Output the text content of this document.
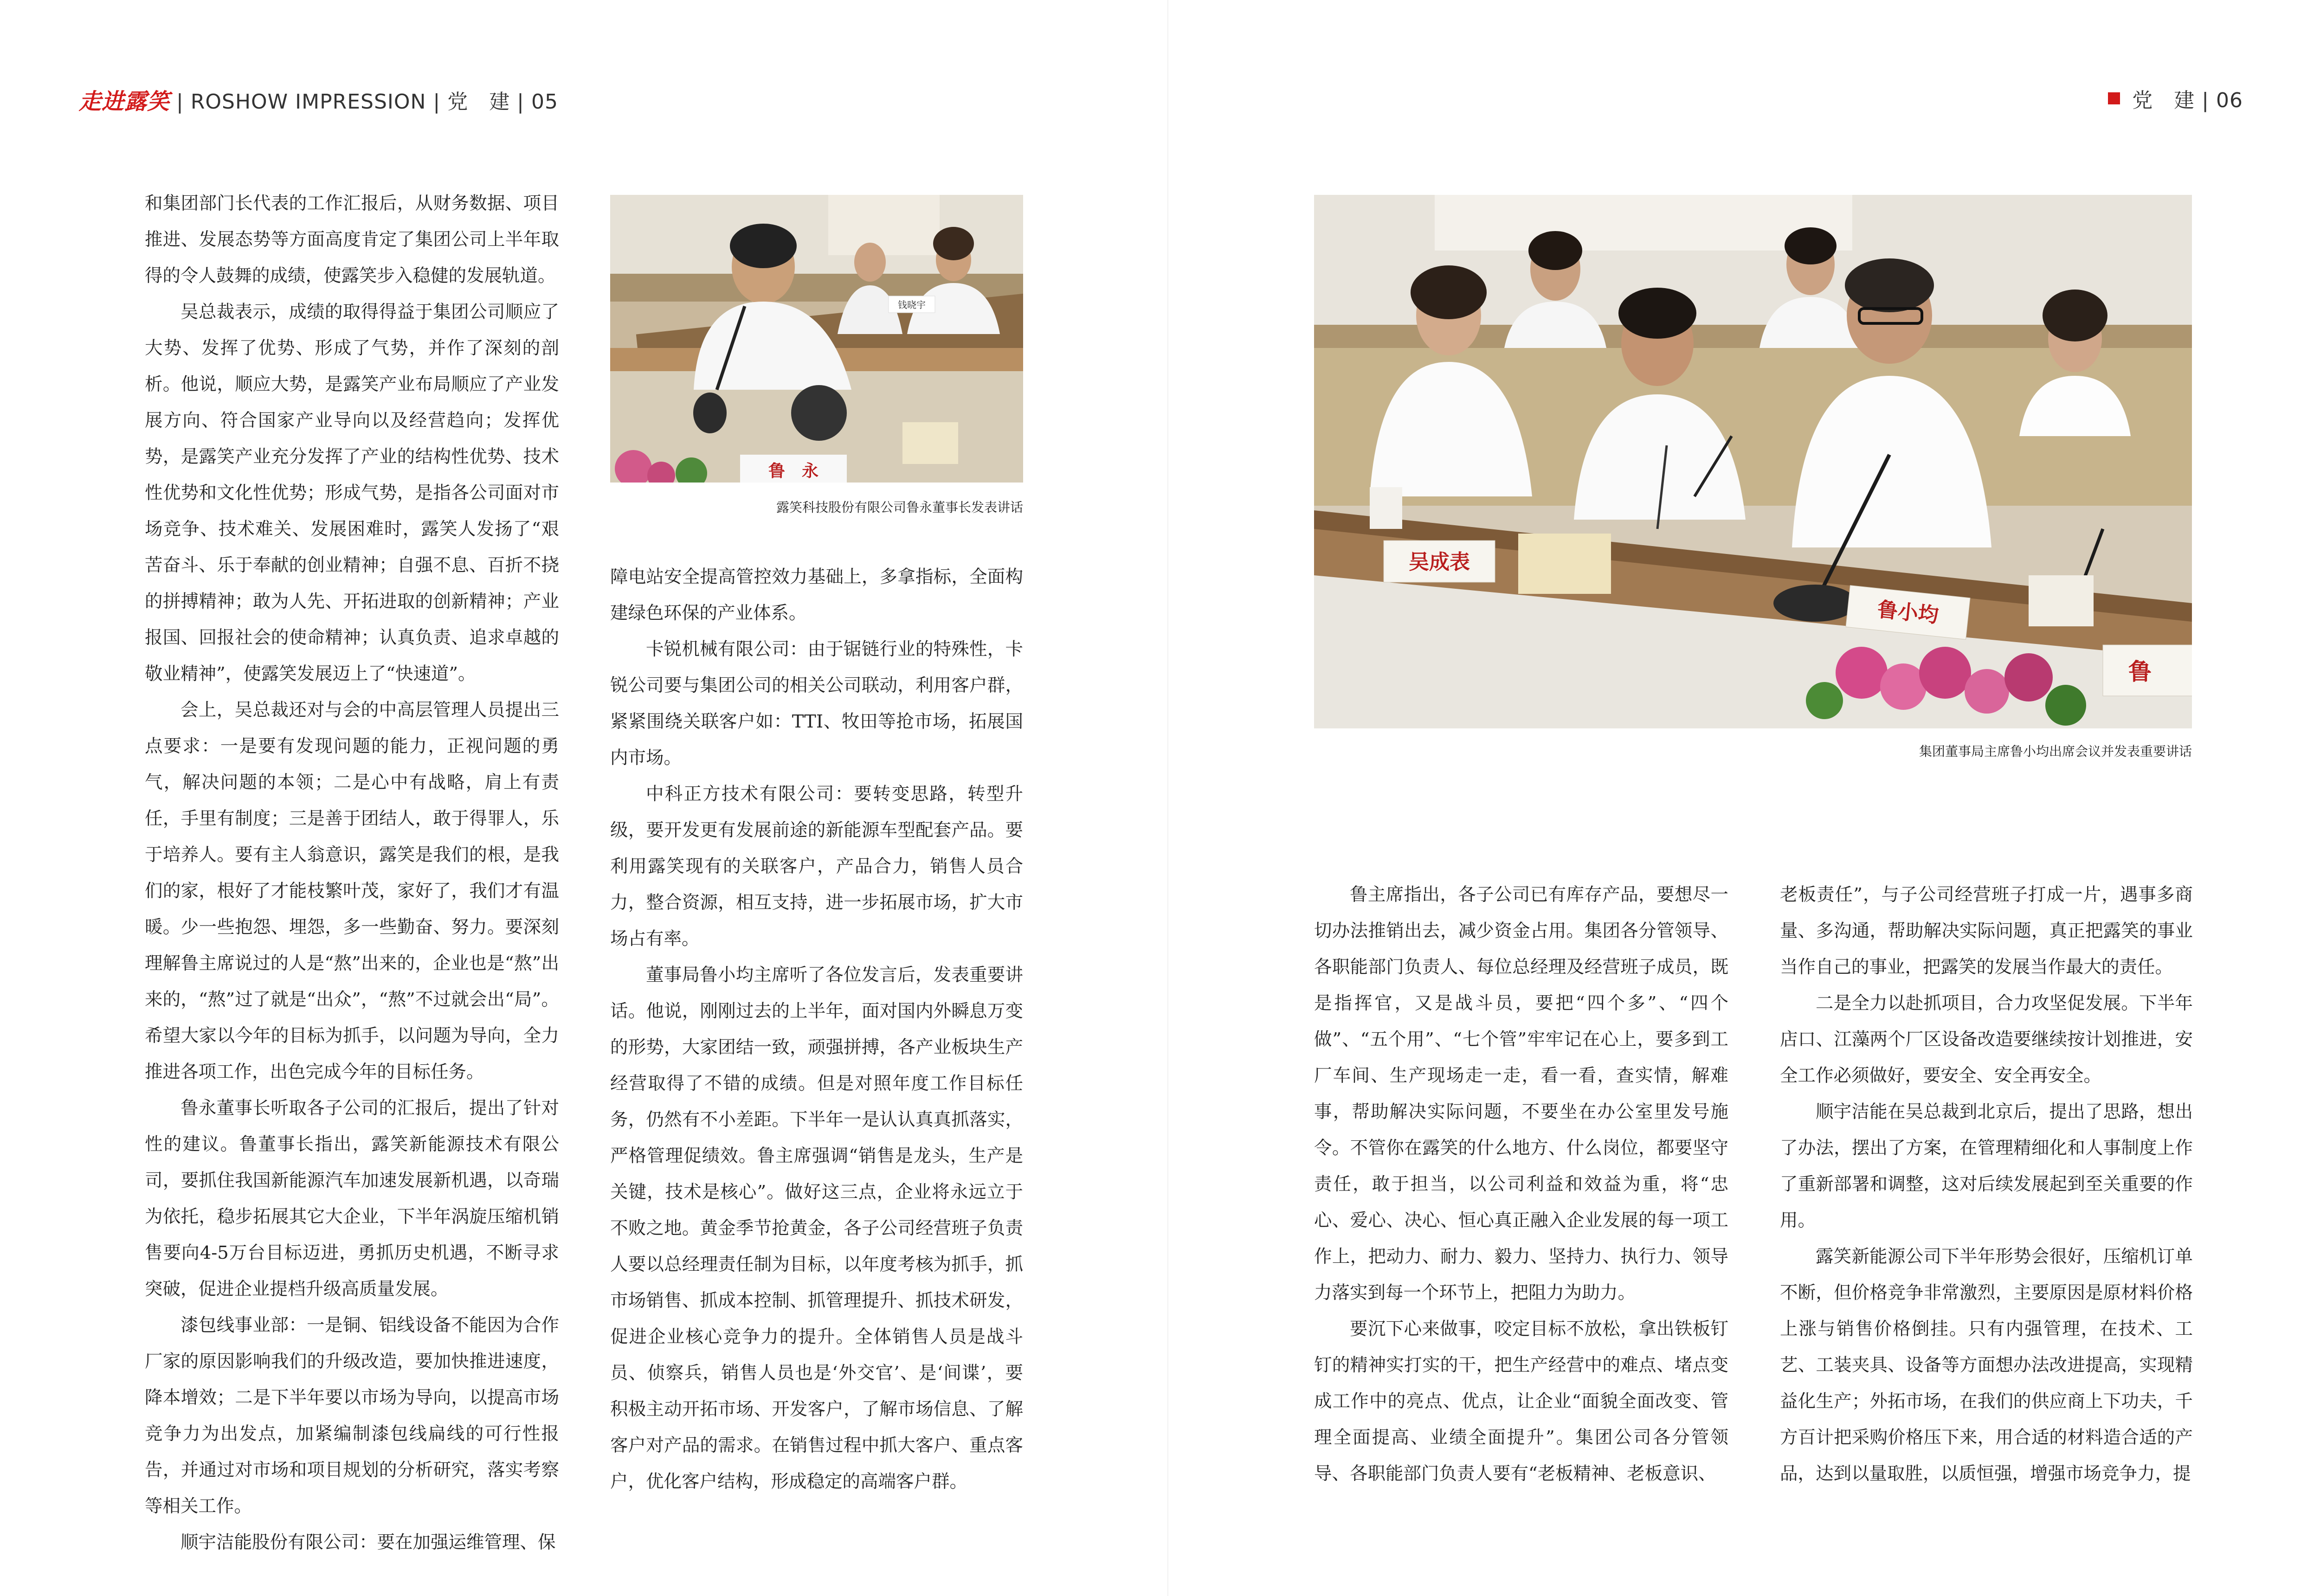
走进露笑 | ROSHOW IMPRESSION | 党　建 | 05	党　建 | 06

和集团部门长代表的工作汇报后，从财务数据、项目推进、发展态势等方面高度肯定了集团公司上半年取得的令人鼓舞的成绩，使露笑步入稳健的发展轨道。

吴总裁表示，成绩的取得得益于集团公司顺应了大势、发挥了优势、形成了气势，并作了深刻的剖析。他说，顺应大势，是露笑产业布局顺应了产业发展方向、符合国家产业导向以及经营趋向；发挥优势，是露笑产业充分发挥了产业的结构性优势、技术性优势和文化性优势；形成气势，是指各公司面对市场竞争、技术难关、发展困难时，露笑人发扬了“艰苦奋斗、乐于奉献的创业精神；自强不息、百折不挠的拼搏精神；敢为人先、开拓进取的创新精神；产业报国、回报社会的使命精神；认真负责、追求卓越的敬业精神”，使露笑发展迈上了“快速道”。

会上，吴总裁还对与会的中高层管理人员提出三点要求：一是要有发现问题的能力，正视问题的勇气，解决问题的本领；二是心中有战略，肩上有责任，手里有制度；三是善于团结人，敢于得罪人，乐于培养人。要有主人翁意识，露笑是我们的根，是我们的家，根好了才能枝繁叶茂，家好了，我们才有温暖。少一些抱怨、埋怨，多一些勤奋、努力。要深刻理解鲁主席说过的人是“熬”出来的，企业也是“熬”出来的，“熬”过了就是“出众”，“熬”不过就会出“局”。希望大家以今年的目标为抓手，以问题为导向，全力推进各项工作，出色完成今年的目标任务。

鲁永董事长听取各子公司的汇报后，提出了针对性的建议。鲁董事长指出，露笑新能源技术有限公司，要抓住我国新能源汽车加速发展新机遇，以奇瑞为依托，稳步拓展其它大企业，下半年涡旋压缩机销售要向4-5万台目标迈进，勇抓历史机遇，不断寻求突破，促进企业提档升级高质量发展。

漆包线事业部：一是铜、铝线设备不能因为合作厂家的原因影响我们的升级改造，要加快推进速度，降本增效；二是下半年要以市场为导向，以提高市场竞争力为出发点，加紧编制漆包线扁线的可行性报告，并通过对市场和项目规划的分析研究，落实考察等相关工作。

顺宇洁能股份有限公司：要在加强运维管理、保

钱晓宇
鲁　永
露笑科技股份有限公司鲁永董事长发表讲话

障电站安全提高管控效力基础上，多拿指标，全面构建绿色环保的产业体系。

卡锐机械有限公司：由于锯链行业的特殊性，卡锐公司要与集团公司的相关公司联动，利用客户群，紧紧围绕关联客户如：TTI、牧田等抢市场，拓展国内市场。

中科正方技术有限公司：要转变思路，转型升级，要开发更有发展前途的新能源车型配套产品。要利用露笑现有的关联客户，产品合力，销售人员合力，整合资源，相互支持，进一步拓展市场，扩大市场占有率。

董事局鲁小均主席听了各位发言后，发表重要讲话。他说，刚刚过去的上半年，面对国内外瞬息万变的形势，大家团结一致，顽强拼搏，各产业板块生产经营取得了不错的成绩。但是对照年度工作目标任务，仍然有不小差距。下半年一是认认真真抓落实，严格管理促绩效。鲁主席强调“销售是龙头，生产是关键，技术是核心”。做好这三点，企业将永远立于不败之地。黄金季节抢黄金，各子公司经营班子负责人要以总经理责任制为目标，以年度考核为抓手，抓市场销售、抓成本控制、抓管理提升、抓技术研发，促进企业核心竞争力的提升。全体销售人员是战斗员、侦察兵，销售人员也是‘外交官’、是‘间谍’，要积极主动开拓市场、开发客户，了解市场信息、了解客户对产品的需求。在销售过程中抓大客户、重点客户，优化客户结构，形成稳定的高端客户群。

吴成表
鲁小均
鲁
集团董事局主席鲁小均出席会议并发表重要讲话

鲁主席指出，各子公司已有库存产品，要想尽一切办法推销出去，减少资金占用。集团各分管领导、各职能部门负责人、每位总经理及经营班子成员，既是指挥官，又是战斗员，要把“四个多”、“四个做”、“五个用”、“七个管”牢牢记在心上，要多到工厂车间、生产现场走一走，看一看，查实情，解难事，帮助解决实际问题，不要坐在办公室里发号施令。不管你在露笑的什么地方、什么岗位，都要坚守责任，敢于担当，以公司利益和效益为重，将“忠心、爱心、决心、恒心真正融入企业发展的每一项工作上，把动力、耐力、毅力、坚持力、执行力、领导力落实到每一个环节上，把阻力为助力。

要沉下心来做事，咬定目标不放松，拿出铁板钉钉的精神实打实的干，把生产经营中的难点、堵点变成工作中的亮点、优点，让企业“面貌全面改变、管理全面提高、业绩全面提升”。集团公司各分管领导、各职能部门负责人要有“老板精神、老板意识、

老板责任”，与子公司经营班子打成一片，遇事多商量、多沟通，帮助解决实际问题，真正把露笑的事业当作自己的事业，把露笑的发展当作最大的责任。

二是全力以赴抓项目，合力攻坚促发展。下半年店口、江藻两个厂区设备改造要继续按计划推进，安全工作必须做好，要安全、安全再安全。

顺宇洁能在吴总裁到北京后，提出了思路，想出了办法，摆出了方案，在管理精细化和人事制度上作了重新部署和调整，这对后续发展起到至关重要的作用。

露笑新能源公司下半年形势会很好，压缩机订单不断，但价格竞争非常激烈，主要原因是原材料价格上涨与销售价格倒挂。只有内强管理，在技术、工艺、工装夹具、设备等方面想办法改进提高，实现精益化生产；外拓市场，在我们的供应商上下功夫，千方百计把采购价格压下来，用合适的材料造合适的产品，达到以量取胜，以质恒强，增强市场竞争力，提
